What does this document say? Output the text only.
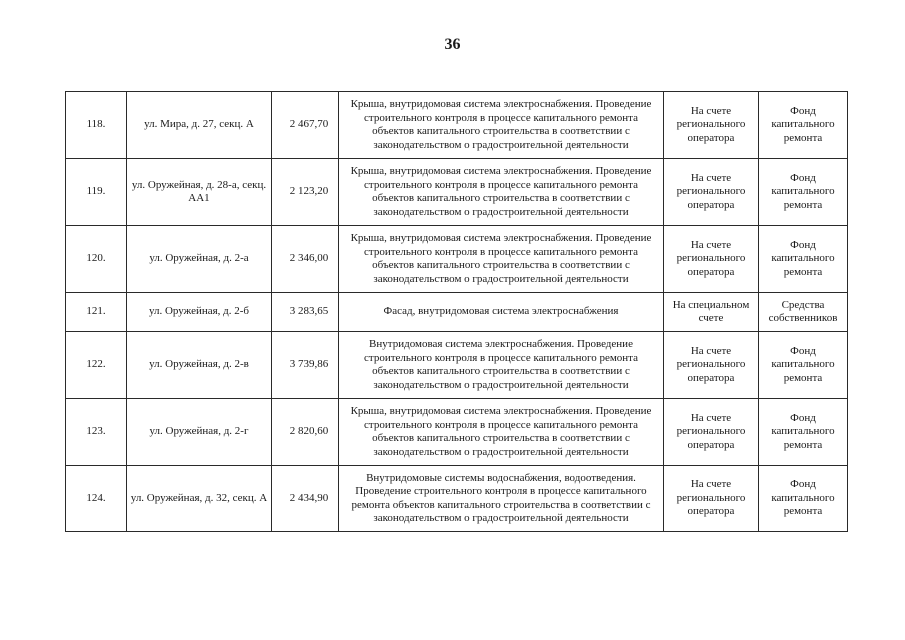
36
118.	ул. Мира, д. 27, секц. А	2 467,70	Крыша, внутридомовая система электроснабжения. Проведение строительного контроля в процессе капитального ремонта объектов капитального строительства в соответствии с законодательством о градостроительной деятельности	На счете регионального оператора	Фонд капитального ремонта

119.	ул. Оружейная, д. 28-а, секц. АА1	2 123,20	Крыша, внутридомовая система электроснабжения. Проведение строительного контроля в процессе капитального ремонта объектов капитального строительства в соответствии с законодательством о градостроительной деятельности	На счете регионального оператора	Фонд капитального ремонта

120.	ул. Оружейная, д. 2-а	2 346,00	Крыша, внутридомовая система электроснабжения. Проведение строительного контроля в процессе капитального ремонта объектов капитального строительства в соответствии с законодательством о градостроительной деятельности	На счете регионального оператора	Фонд капитального ремонта

121.	ул. Оружейная, д. 2-б	3 283,65	Фасад, внутридомовая система электроснабжения	На специальном счете	Средства собственников

122.	ул. Оружейная, д. 2-в	3 739,86	Внутридомовая система электроснабжения. Проведение строительного контроля в процессе капитального ремонта объектов капитального строительства в соответствии с законодательством о градостроительной деятельности	На счете регионального оператора	Фонд капитального ремонта

123.	ул. Оружейная, д. 2-г	2 820,60	Крыша, внутридомовая система электроснабжения. Проведение строительного контроля в процессе капитального ремонта объектов капитального строительства в соответствии с законодательством о градостроительной деятельности	На счете регионального оператора	Фонд капитального ремонта

124.	ул. Оружейная, д. 32, секц. А	2 434,90	Внутридомовые системы водоснабжения, водоотведения. Проведение строительного контроля в процессе капитального ремонта объектов капитального строительства в соответствии с законодательством о градостроительной деятельности	На счете регионального оператора	Фонд капитального ремонта
